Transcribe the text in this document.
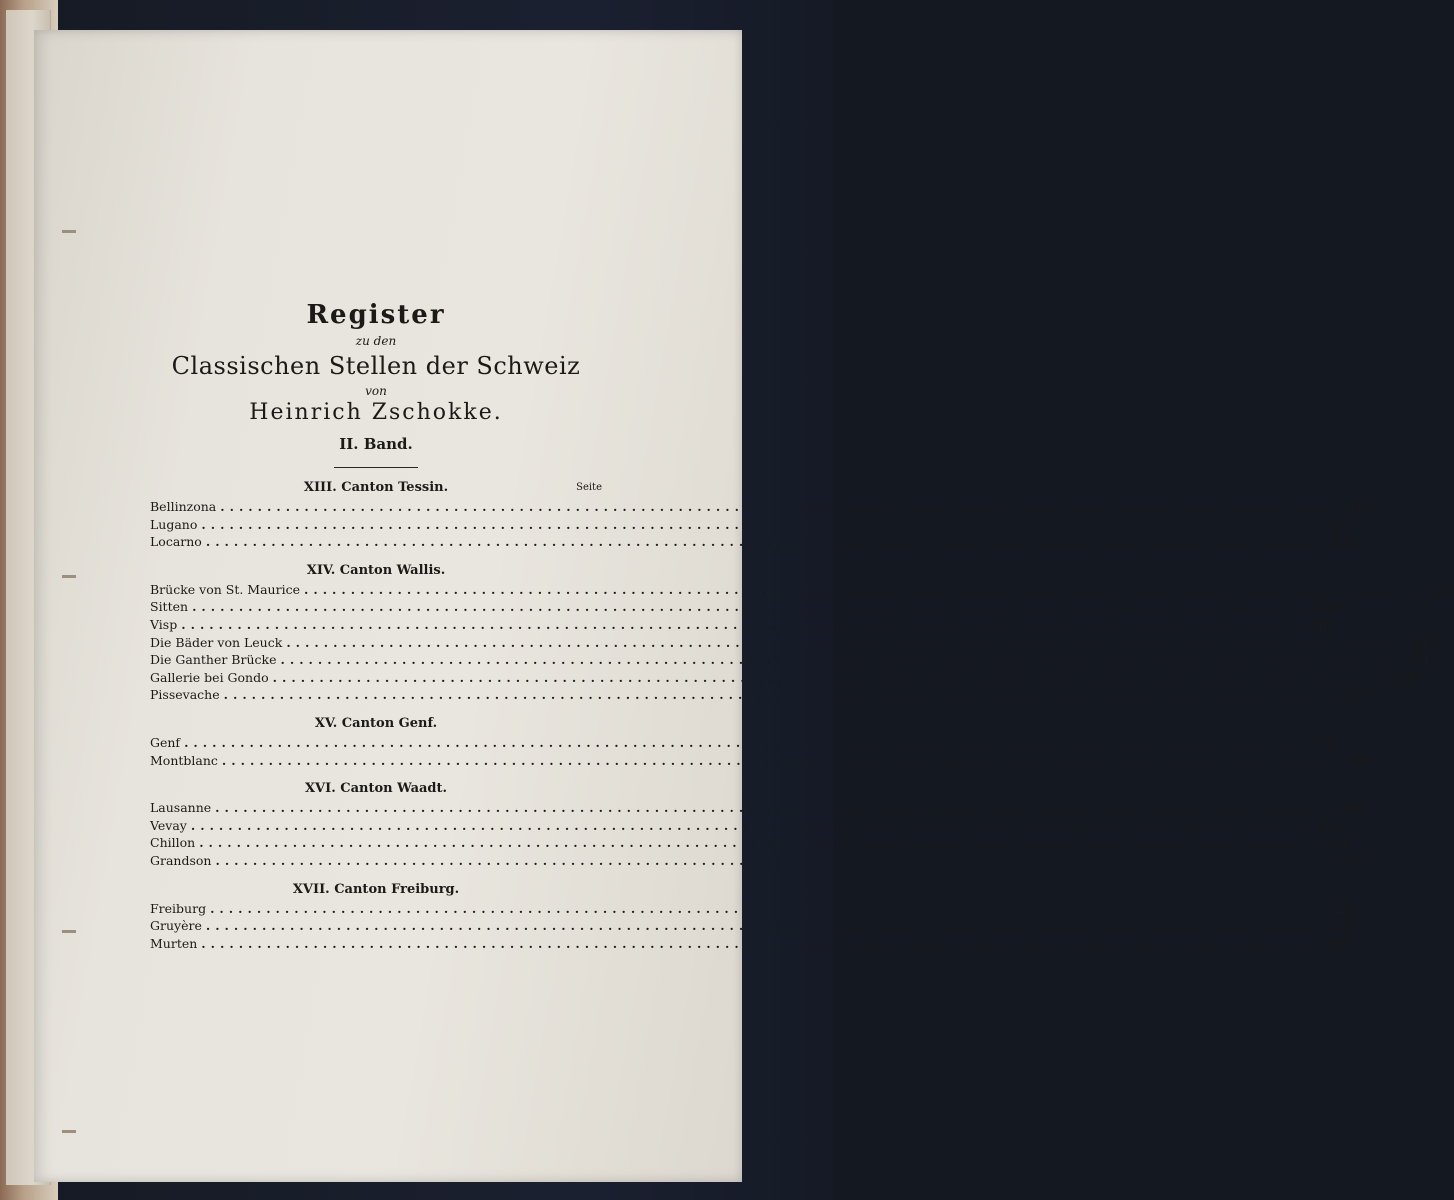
Register
zu den
Classischen Stellen der Schweiz
von
Heinrich Zschokke.
II. Band.
XIII. Canton Tessin.	Seite
Bellinzona ........................................................................................................................ 217
Lugano ........................................................................................................................ 225
Locarno ........................................................................................................................ 230
XIV. Canton Wallis.
Brücke von St. Maurice ........................................................................................................................ 234
Sitten ........................................................................................................................ 240
Visp ........................................................................................................................ 246
Die Bäder von Leuck ........................................................................................................................ 247
Die Ganther Brücke ........................................................................................................................ 251
Gallerie bei Gondo ........................................................................................................................ 252
Pissevache ........................................................................................................................ 252
XV. Canton Genf.
Genf ........................................................................................................................ 254
Montblanc ........................................................................................................................ 263
XVI. Canton Waadt.
Lausanne ........................................................................................................................ 266
Vevay ........................................................................................................................ 272
Chillon ........................................................................................................................ 274
Grandson ........................................................................................................................ 277
XVII. Canton Freiburg.
Freiburg ........................................................................................................................ 281
Gruyère ........................................................................................................................ 292
Murten ........................................................................................................................ 297
